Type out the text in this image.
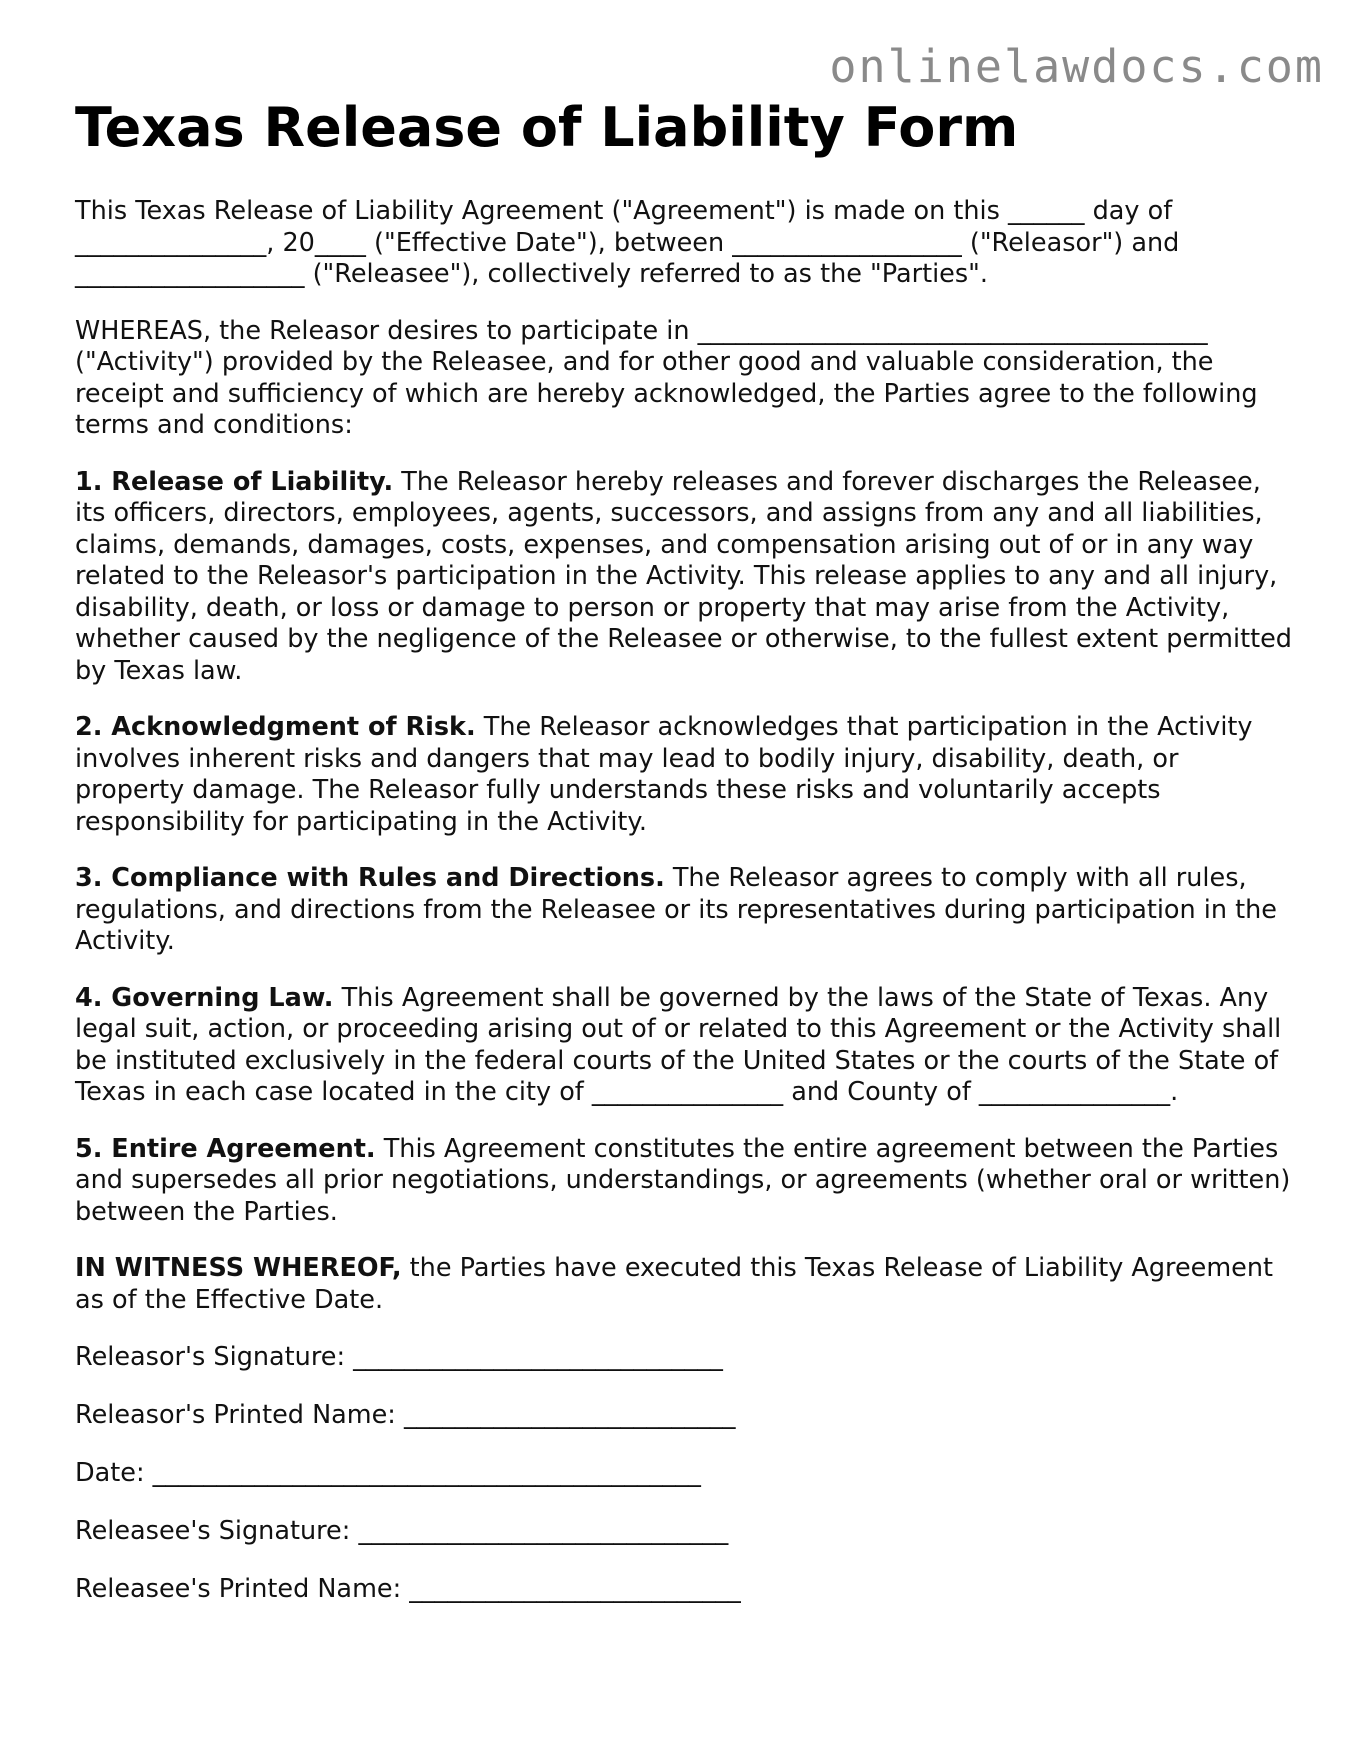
onlinelawdocs.com
Texas Release of Liability Form

This Texas Release of Liability Agreement ("Agreement") is made on this ______ day of _______________, 20____ ("Effective Date"), between __________________ ("Releasor") and __________________ ("Releasee"), collectively referred to as the "Parties".

WHEREAS, the Releasor desires to participate in ________________________________________ ("Activity") provided by the Releasee, and for other good and valuable consideration, the receipt and sufficiency of which are hereby acknowledged, the Parties agree to the following terms and conditions:

1. Release of Liability. The Releasor hereby releases and forever discharges the Releasee, its officers, directors, employees, agents, successors, and assigns from any and all liabilities, claims, demands, damages, costs, expenses, and compensation arising out of or in any way related to the Releasor's participation in the Activity. This release applies to any and all injury, disability, death, or loss or damage to person or property that may arise from the Activity, whether caused by the negligence of the Releasee or otherwise, to the fullest extent permitted by Texas law.

2. Acknowledgment of Risk. The Releasor acknowledges that participation in the Activity involves inherent risks and dangers that may lead to bodily injury, disability, death, or property damage. The Releasor fully understands these risks and voluntarily accepts responsibility for participating in the Activity.

3. Compliance with Rules and Directions. The Releasor agrees to comply with all rules, regulations, and directions from the Releasee or its representatives during participation in the Activity.

4. Governing Law. This Agreement shall be governed by the laws of the State of Texas. Any legal suit, action, or proceeding arising out of or related to this Agreement or the Activity shall be instituted exclusively in the federal courts of the United States or the courts of the State of Texas in each case located in the city of _______________ and County of _______________.

5. Entire Agreement. This Agreement constitutes the entire agreement between the Parties and supersedes all prior negotiations, understandings, or agreements (whether oral or written) between the Parties.

IN WITNESS WHEREOF, the Parties have executed this Texas Release of Liability Agreement as of the Effective Date.

Releasor's Signature: _____________________________
Releasor's Printed Name: __________________________
Date: ___________________________________________
Releasee's Signature: _____________________________
Releasee's Printed Name: __________________________
